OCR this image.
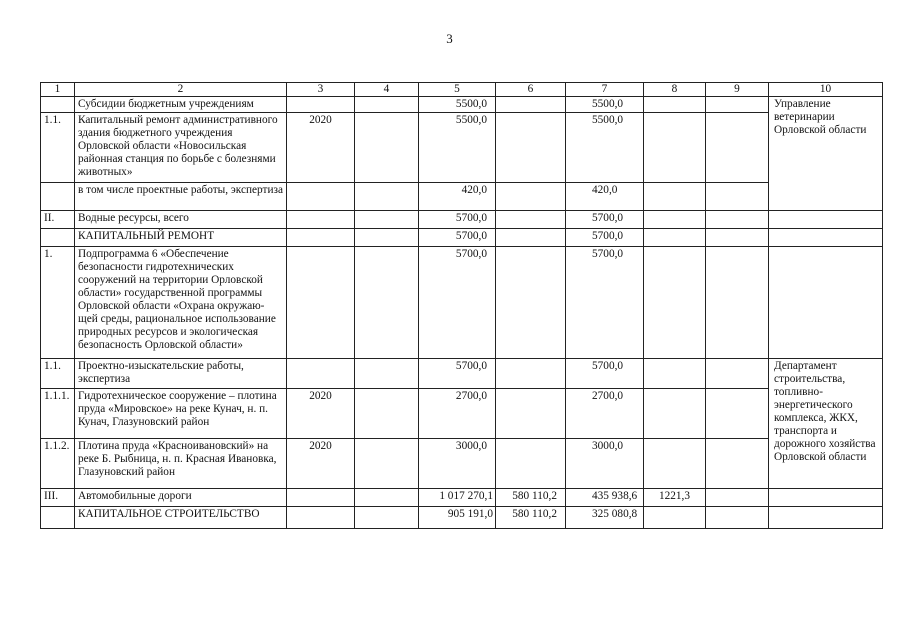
3
1	2	3	4	5	6	7	8	9	10
	Субсидии бюджетным учреждениям			5500,0		5500,0			Управление ветеринарии Орловской области
1.1.	Капитальный ремонт административного здания бюджетного учреждения Орловской области «Новосильская районная станция по борьбе с болезнями животных»	2020		5500,0		5500,0			
	в том числе проектные работы, экспертиза			420,0		420,0			
II.	Водные ресурсы, всего			5700,0		5700,0			
	КАПИТАЛЬНЫЙ РЕМОНТ			5700,0		5700,0			
1.	Подпрограмма 6 «Обеспечение безопасности гидротехнических сооружений на территории Орловской области» государственной программы Орловской области «Охрана окружаю-щей среды, рациональное использование природных ресурсов и экологическая безопасность Орловской области»			5700,0		5700,0			
1.1.	Проектно-изыскательские работы, экспертиза			5700,0		5700,0			Департамент строительства, топливно-энергетического комплекса, ЖКХ, транспорта и дорожного хозяйства Орловской области
1.1.1.	Гидротехническое сооружение – плотина пруда «Мировское» на реке Кунач, н. п. Кунач, Глазуновский район	2020		2700,0		2700,0			
1.1.2.	Плотина пруда «Красноивановский» на реке Б. Рыбница, н. п. Красная Ивановка, Глазуновский район	2020		3000,0		3000,0			
III.	Автомобильные дороги			1 017 270,1	580 110,2	435 938,6	1221,3		
	КАПИТАЛЬНОЕ СТРОИТЕЛЬСТВО			905 191,0	580 110,2	325 080,8			
